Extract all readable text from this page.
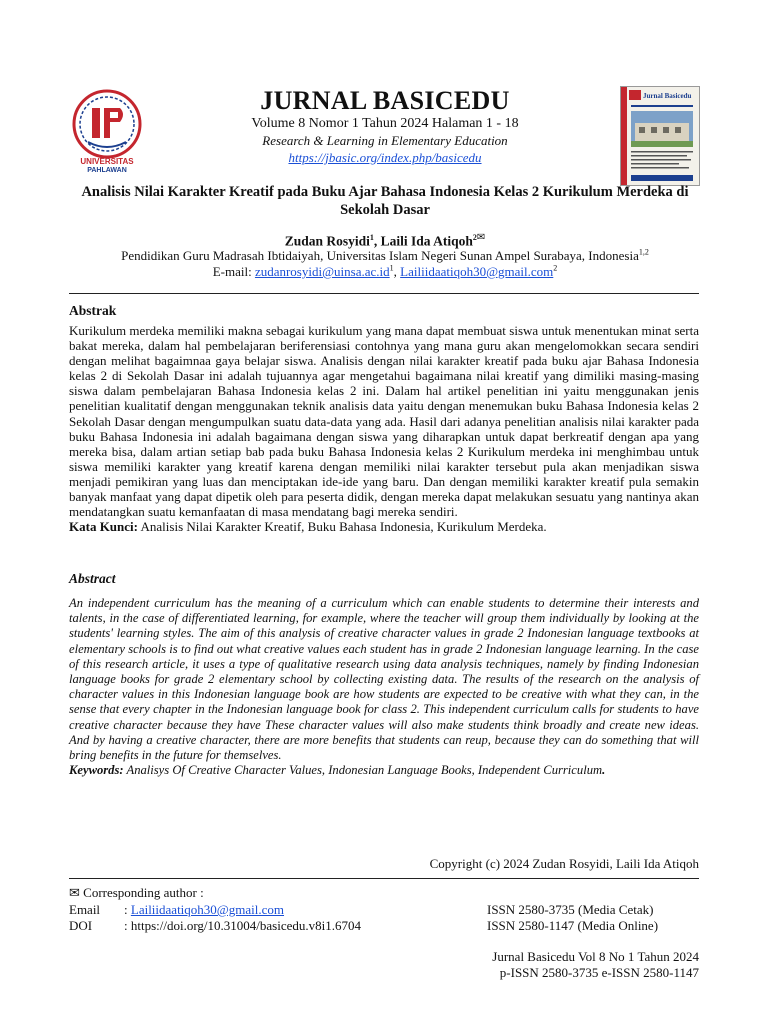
UNIVERSITAS
PAHLAWAN
JURNAL BASICEDU
Volume 8 Nomor 1 Tahun 2024 Halaman 1 - 18
Research & Learning in Elementary Education
https://jbasic.org/index.php/basicedu
Jurnal Basicedu
Analisis Nilai Karakter Kreatif pada Buku Ajar Bahasa Indonesia Kelas 2 Kurikulum Merdeka di Sekolah Dasar
Zudan Rosyidi$^1$, Laili Ida Atiqoh$^{2✉}$
Pendidikan Guru Madrasah Ibtidaiyah, Universitas Islam Negeri Sunan Ampel Surabaya, Indonesia$^{1,2}$
E-mail: $zudanrosyidi@uinsa.ac.id^1$, Lailiidaatiqoh30@gmail.com$^2$
Abstrak

Kurikulum merdeka memiliki makna sebagai kurikulum yang mana dapat membuat siswa untuk menentukan minat serta bakat mereka, dalam hal pembelajaran beriferensiasi contohnya yang mana guru akan mengelomokkan secara sendiri dengan melihat bagaimnaa gaya belajar siswa. Analisis dengan nilai karakter kreatif pada buku ajar Bahasa Indonesia kelas 2 di Sekolah Dasar ini adalah tujuannya agar mengetahui bagaimana nilai kreatif yang dimiliki masing-masing siswa dalam pembelajaran Bahasa Indonesia kelas 2 ini. Dalam hal artikel penelitian ini yaitu menggunakan jenis penelitian kualitatif dengan menggunakan teknik analisis data yaitu dengan menemukan buku Bahasa Indonesia kelas 2 Sekolah Dasar dengan mengumpulkan suatu data-data yang ada. Hasil dari adanya penelitian analisis nilai karakter pada buku Bahasa Indonesia ini adalah bagaimana dengan siswa yang diharapkan untuk dapat berkreatif dengan apa yang mereka bisa, dalam artian setiap bab pada buku Bahasa Indonesia kelas 2 Kurikulum merdeka ini menghimbau untuk siswa memiliki karakter yang kreatif karena dengan memiliki nilai karakter tersebut pula akan menjadikan siswa menjadi pemikiran yang luas dan menciptakan ide-ide yang baru. Dan dengan memiliki karakter kreatif pula semakin banyak manfaat yang dapat dipetik oleh para peserta didik, dengan mereka dapat melakukan sesuatu yang nantinya akan mendatangkan suatu kemanfaatan di masa mendatang bagi mereka sendiri.

Kata Kunci: Analisis Nilai Karakter Kreatif, Buku Bahasa Indonesia, Kurikulum Merdeka.

Abstract

An independent curriculum has the meaning of a curriculum which can enable students to determine their interests and talents, in the case of differentiated learning, for example, where the teacher will group them individually by looking at the students' learning styles. The aim of this analysis of creative character values in grade 2 Indonesian language textbooks at elementary schools is to find out what creative values each student has in grade 2 Indonesian language learning. In the case of this research article, it uses a type of qualitative research using data analysis techniques, namely by finding Indonesian language books for grade 2 elementary school by collecting existing data. The results of the research on the analysis of character values in this Indonesian language book are how students are expected to be creative with what they can, in the sense that every chapter in the Indonesian language book for class 2. This independent curriculum calls for students to have creative character because they have These character values will also make students think broadly and create new ideas. And by having a creative character, there are more benefits that students can reup, because they can do something that will bring benefits in the future for themselves.

Keywords: Analisys Of Creative Character Values, Indonesian Language Books, Independent Curriculum.

Copyright (c) 2024 Zudan Rosyidi, Laili Ida Atiqoh
✉ Corresponding author :
Email : Lailiidaatiqoh30@gmail.com
DOI : https://doi.org/10.31004/basicedu.v8i1.6704
ISSN 2580-3735 (Media Cetak)
ISSN 2580-1147 (Media Online)
Jurnal Basicedu Vol 8 No 1 Tahun 2024
p-ISSN 2580-3735 e-ISSN 2580-1147
